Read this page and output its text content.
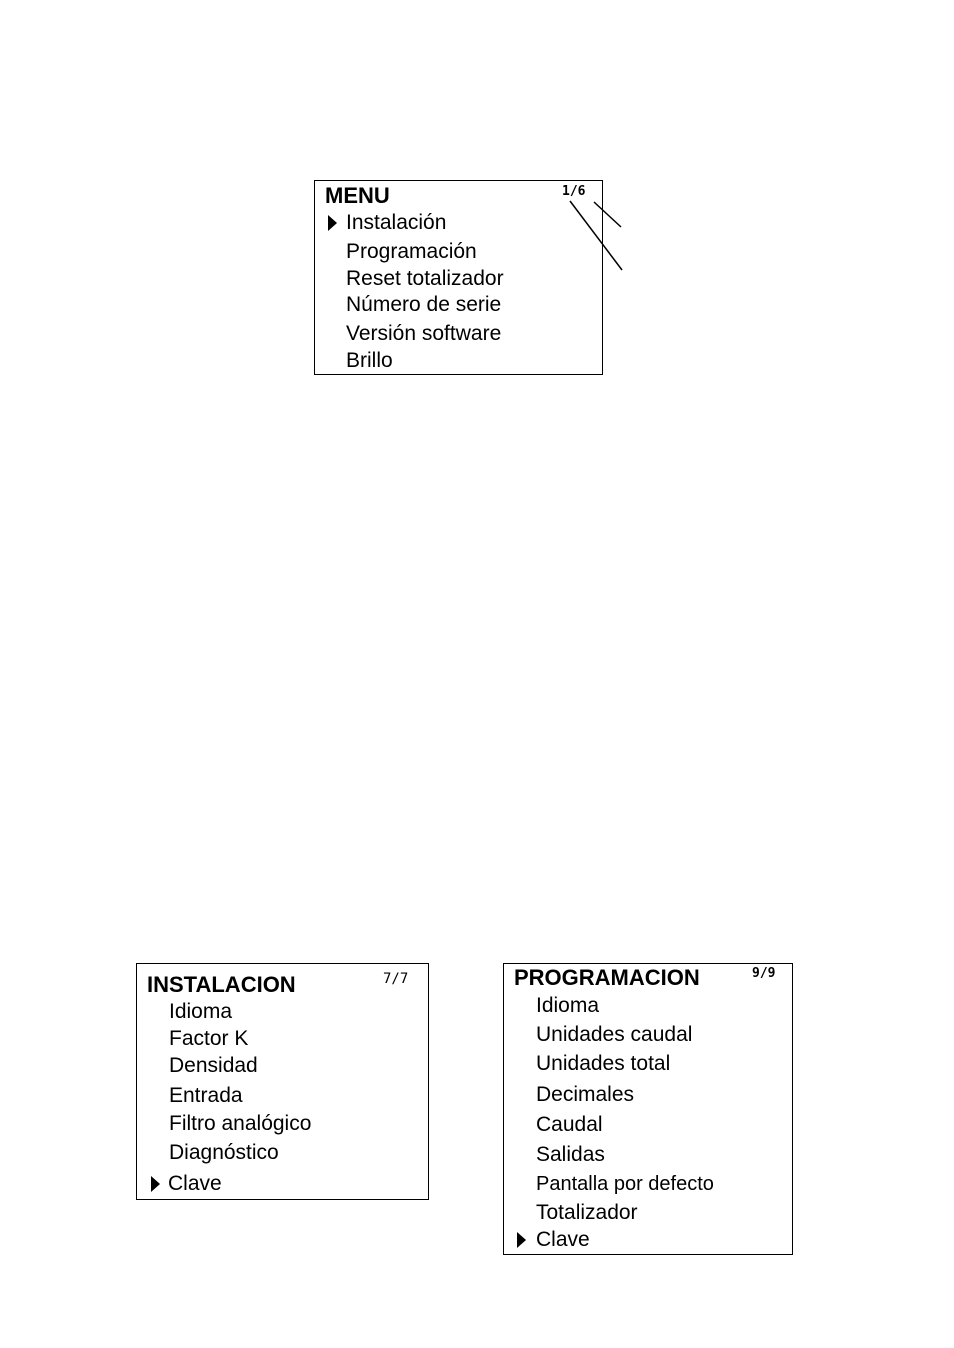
MENU	1/6
Instalación
Programación
Reset totalizador
Número de serie
Versión software
Brillo
INSTALACION	7/7
Idioma
Factor K
Densidad
Entrada
Filtro analógico
Diagnóstico
Clave
PROGRAMACION	9/9
Idioma
Unidades caudal
Unidades total
Decimales
Caudal
Salidas
Pantalla por defecto
Totalizador
Clave
